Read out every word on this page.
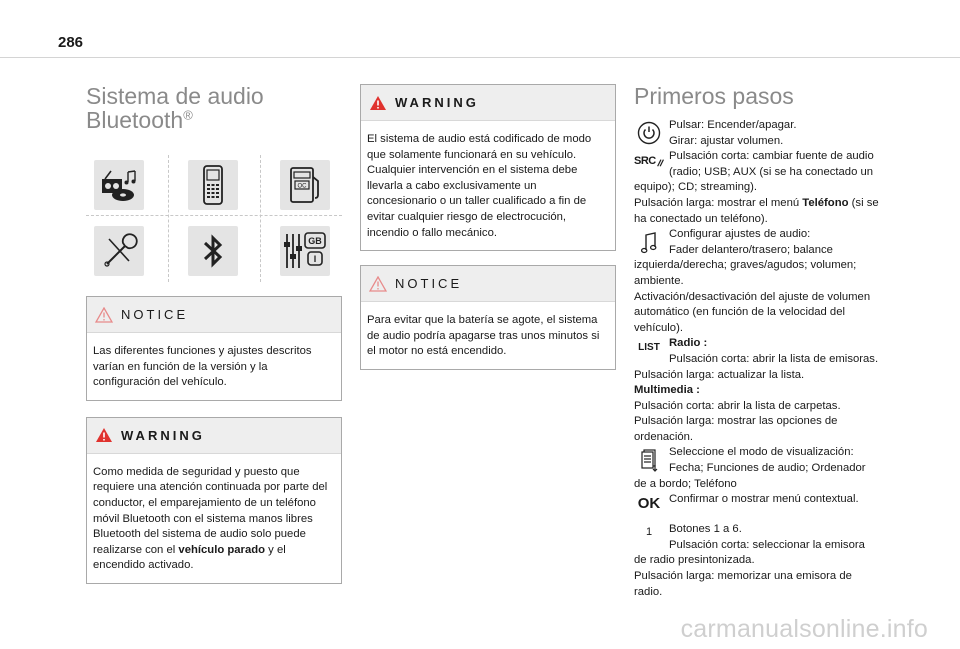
286
Sistema de audio
Bluetooth®
OC
GB
I
NOTICE
Las diferentes funciones y ajustes descritos varían en función de la versión y la configuración del vehículo.
WARNING
Como medida de seguridad y puesto que requiere una atención continuada por parte del conductor, el emparejamiento de un teléfono móvil Bluetooth con el sistema manos libres Bluetooth del sistema de audio solo puede realizarse con el vehículo parado y el encendido activado.
WARNING
El sistema de audio está codificado de modo que solamente funcionará en su vehículo. Cualquier intervención en el sistema debe llevarla a cabo exclusivamente un concesionario o un taller cualificado a fin de evitar cualquier riesgo de electrocución, incendio o fallo mecánico.
NOTICE
Para evitar que la batería se agote, el sistema de audio podría apagarse tras unos minutos si el motor no está encendido.
Primeros pasos
Pulsar: Encender/apagar.
Girar: ajustar volumen.
SRC	Pulsación corta: cambiar fuente de audio
(radio; USB; AUX (si se ha conectado un
equipo); CD; streaming).
Pulsación larga: mostrar el menú Teléfono (si se
ha conectado un teléfono).
Configurar ajustes de audio:
Fader delantero/trasero; balance
izquierda/derecha; graves/agudos; volumen;
ambiente.
Activación/desactivación del ajuste de volumen
automático (en función de la velocidad del
vehículo).
LIST Radio :
Pulsación corta: abrir la lista de emisoras.
Pulsación larga: actualizar la lista.
Multimedia :
Pulsación corta: abrir la lista de carpetas.
Pulsación larga: mostrar las opciones de
ordenación.
Seleccione el modo de visualización:
Fecha; Funciones de audio; Ordenador
de a bordo; Teléfono
OK Confirmar o mostrar menú contextual.
1	Botones 1 a 6.
Pulsación corta: seleccionar la emisora
de radio presintonizada.
Pulsación larga: memorizar una emisora de
radio.
carmanualsonline.info
